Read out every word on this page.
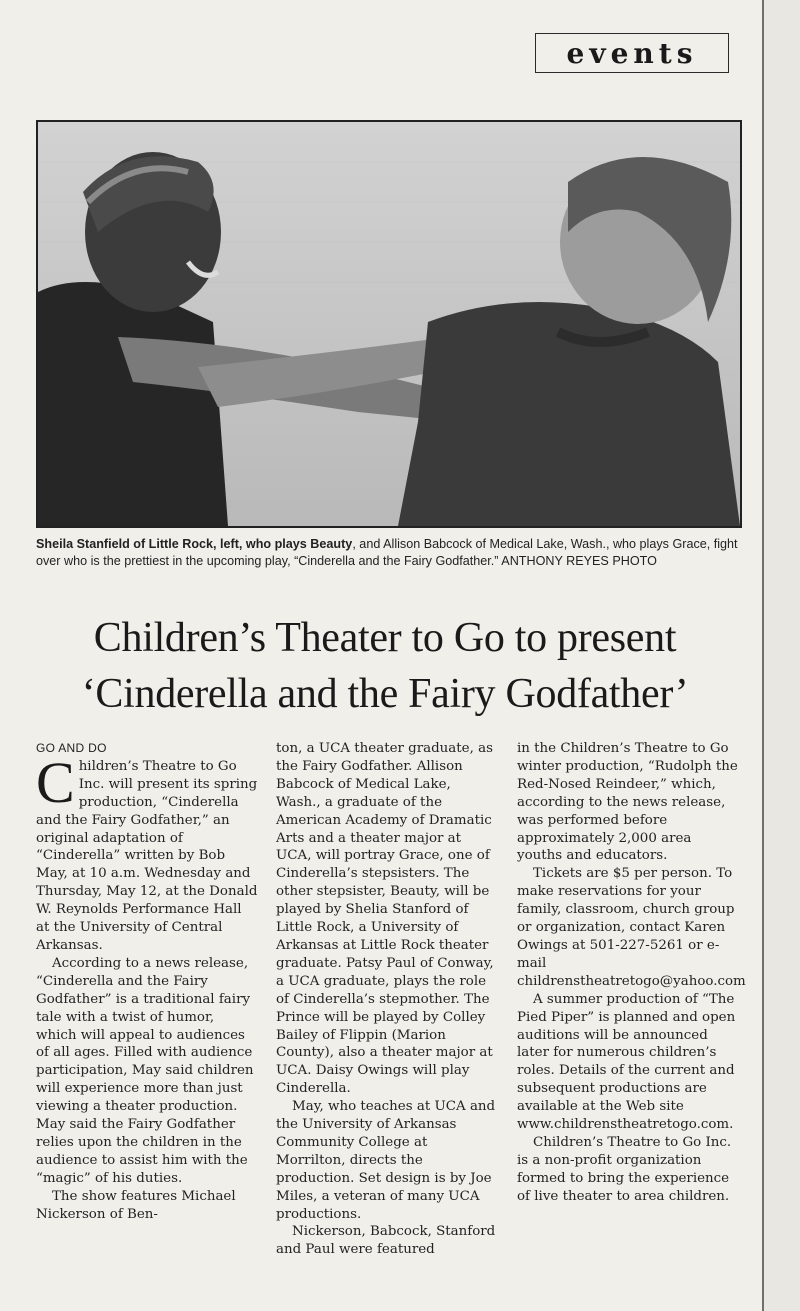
events
Sheila Stanfield of Little Rock, left, who plays Beauty, and Allison Babcock of Medical Lake, Wash., who plays Grace, fight over who is the prettiest in the upcoming play, “Cinderella and the Fairy Godfather.” ANTHONY REYES PHOTO
Children’s Theater to Go to present
‘Cinderella and the Fairy Godfather’

GO AND DO

Children’s Theatre to Go Inc. will present its spring production, “Cinderella and the Fairy Godfather,” an original adaptation of “Cinderella” written by Bob May, at 10 a.m. Wednesday and Thursday, May 12, at the Donald W. Reynolds Performance Hall at the University of Central Arkansas.

According to a news release, “Cinderella and the Fairy Godfather” is a traditional fairy tale with a twist of humor, which will appeal to audiences of all ages. Filled with audience participation, May said children will experience more than just viewing a theater production. May said the Fairy Godfather relies upon the children in the audience to assist him with the “magic” of his duties.

The show features Michael Nickerson of Ben-

ton, a UCA theater graduate, as the Fairy Godfather. Allison Babcock of Medical Lake, Wash., a graduate of the American Academy of Dramatic Arts and a theater major at UCA, will portray Grace, one of Cinderella’s stepsisters. The other stepsister, Beauty, will be played by Shelia Stanford of Little Rock, a University of Arkansas at Little Rock theater graduate. Patsy Paul of Conway, a UCA graduate, plays the role of Cinderella’s stepmother. The Prince will be played by Colley Bailey of Flippin (Marion County), also a theater major at UCA. Daisy Owings will play Cinderella.

May, who teaches at UCA and the University of Arkansas Community College at Morrilton, directs the production. Set design is by Joe Miles, a veteran of many UCA productions.

Nickerson, Babcock, Stanford and Paul were featured

in the Children’s Theatre to Go winter production, “Rudolph the Red-Nosed Reindeer,” which, according to the news release, was performed before approximately 2,000 area youths and educators.

Tickets are $5 per person. To make reservations for your family, classroom, church group or organization, contact Karen Owings at 501-227-5261 or e-mail childrenstheatretogo@yahoo.com

A summer production of “The Pied Piper” is planned and open auditions will be announced later for numerous children’s roles. Details of the current and subsequent productions are available at the Web site www.childrenstheatretogo.com.

Children’s Theatre to Go Inc. is a non-profit organization formed to bring the experience of live theater to area children.
